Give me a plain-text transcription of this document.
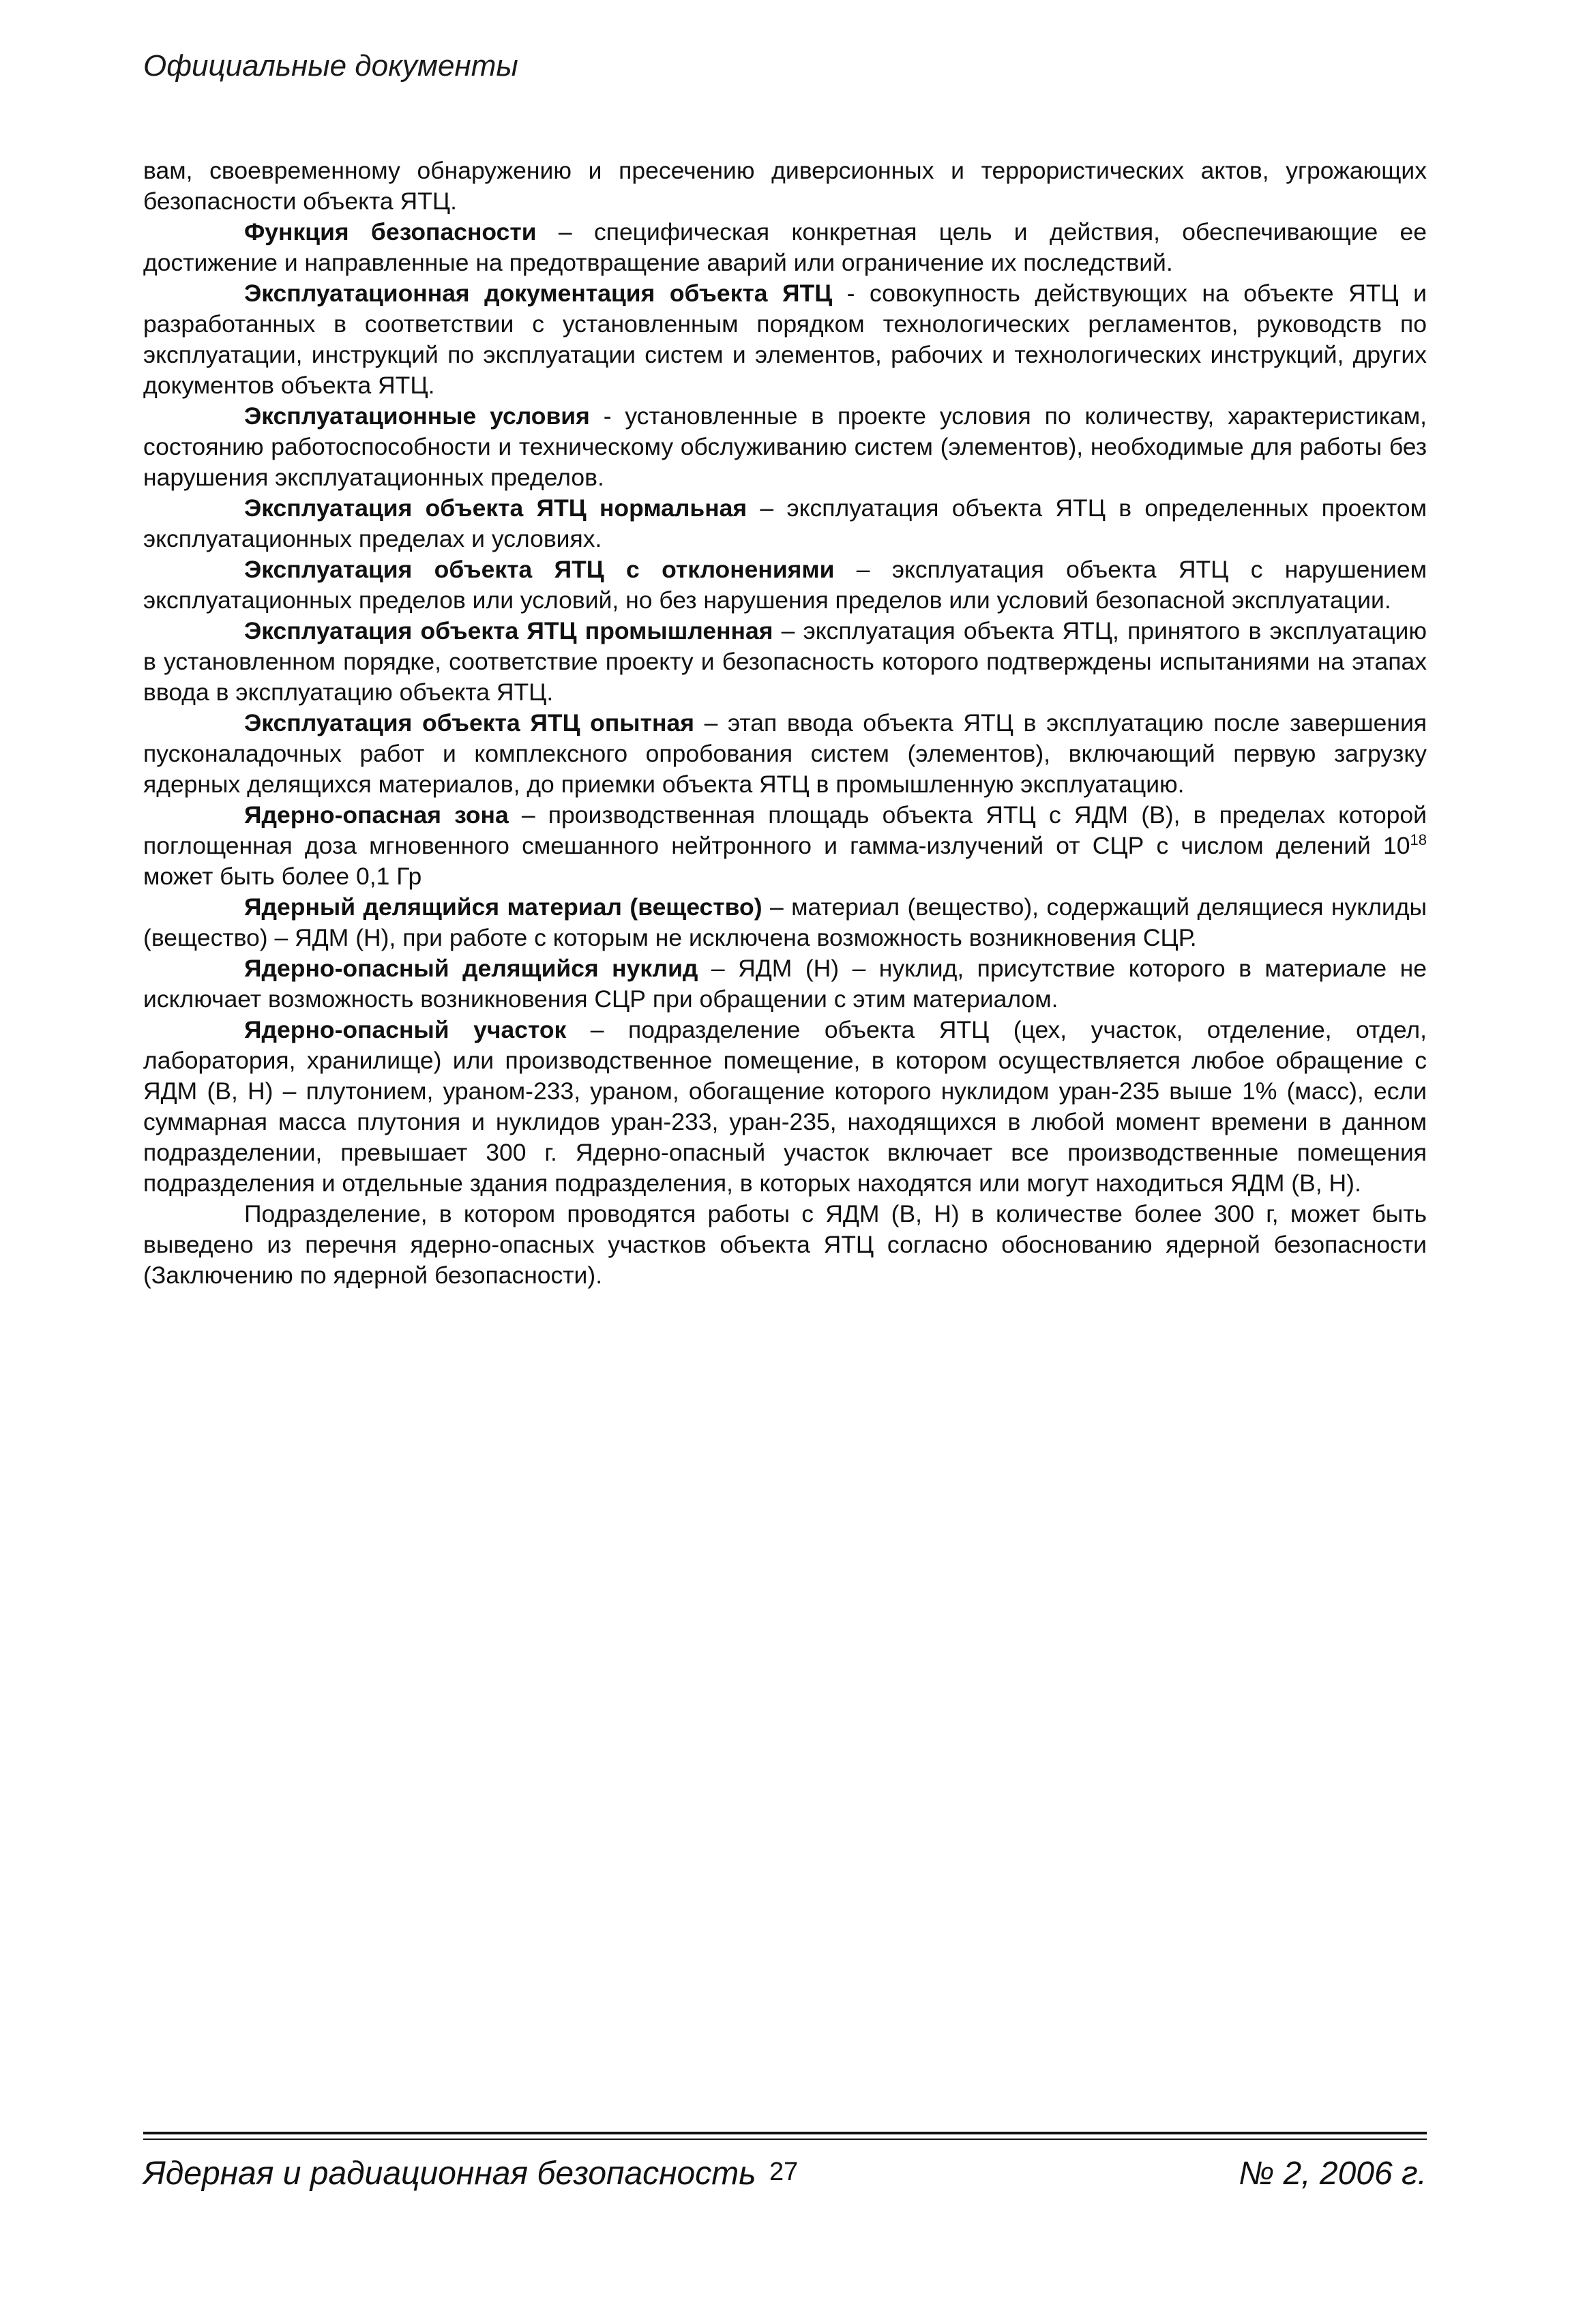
Официальные документы

вам, своевременному обнаружению и пресечению диверсионных и террористических актов, угрожающих безопасности объекта ЯТЦ.

Функция безопасности – специфическая конкретная цель и действия, обеспечивающие ее достижение и направленные на предотвращение аварий или ограничение их последствий.

Эксплуатационная документация объекта ЯТЦ - совокупность действующих на объекте ЯТЦ и разработанных в соответствии с установленным порядком технологических регламентов, руководств по эксплуатации, инструкций по эксплуатации систем и элементов, рабочих и технологических инструкций, других документов объекта ЯТЦ.

Эксплуатационные условия - установленные в проекте условия по количеству, характеристикам, состоянию работоспособности и техническому обслуживанию систем (элементов), необходимые для работы без нарушения эксплуатационных пределов.

Эксплуатация объекта ЯТЦ нормальная – эксплуатация объекта ЯТЦ в определенных проектом эксплуатационных пределах и условиях.

Эксплуатация объекта ЯТЦ с отклонениями – эксплуатация объекта ЯТЦ с нарушением эксплуатационных пределов или условий, но без нарушения пределов или условий безопасной эксплуатации.

Эксплуатация объекта ЯТЦ промышленная – эксплуатация объекта ЯТЦ, принятого в эксплуатацию в установленном порядке, соответствие проекту и безопасность которого подтверждены испытаниями на этапах ввода в эксплуатацию объекта ЯТЦ.

Эксплуатация объекта ЯТЦ опытная – этап ввода объекта ЯТЦ в эксплуатацию после завершения пусконаладочных работ и комплексного опробования систем (элементов), включающий первую загрузку ядерных делящихся материалов, до приемки объекта ЯТЦ в промышленную эксплуатацию.

Ядерно-опасная зона – производственная площадь объекта ЯТЦ с ЯДМ (В), в пределах которой поглощенная доза мгновенного смешанного нейтронного и гамма-излучений от СЦР с числом делений $10^{18}$ может быть более 0,1 Гр

Ядерный делящийся материал (вещество) – материал (вещество), содержащий делящиеся нуклиды (вещество) – ЯДМ (Н), при работе с которым не исключена возможность возникновения СЦР.

Ядерно-опасный делящийся нуклид – ЯДМ (Н) – нуклид, присутствие которого в материале не исключает возможность возникновения СЦР при обращении с этим материалом.

Ядерно-опасный участок – подразделение объекта ЯТЦ (цех, участок, отделение, отдел, лаборатория, хранилище) или производственное помещение, в котором осуществляется любое обращение с ЯДМ (В, Н) – плутонием, ураном-233, ураном, обогащение которого нуклидом уран-235 выше 1% (масс), если суммарная масса плутония и нуклидов уран-233, уран-235, находящихся в любой момент времени в данном подразделении, превышает 300 г. Ядерно-опасный участок включает все производственные помещения подразделения и отдельные здания подразделения, в которых находятся или могут находиться ЯДМ (В, Н).

Подразделение, в котором проводятся работы с ЯДМ (В, Н) в количестве более 300 г, может быть выведено из перечня ядерно-опасных участков объекта ЯТЦ согласно обоснованию ядерной безопасности (Заключению по ядерной безопасности).

Ядерная и радиационная безопасность 27	№ 2, 2006 г.
